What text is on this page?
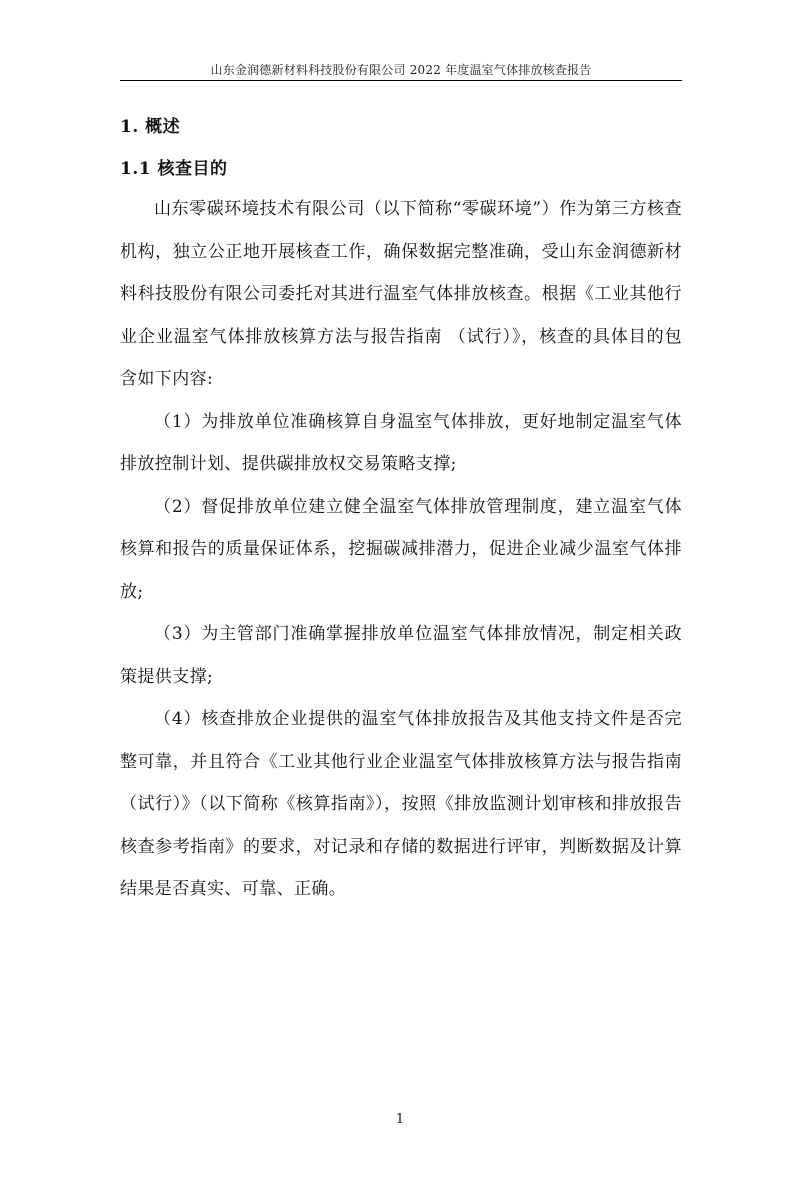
山东金润德新材料科技股份有限公司 2022 年度温室气体排放核查报告
1. 概述
1.1 核查目的

山东零碳环境技术有限公司（以下简称“零碳环境”）作为第三方核查机构，独立公正地开展核查工作，确保数据完整准确，受山东金润德新材料科技股份有限公司委托对其进行温室气体排放核查。根据《工业其他行业企业温室气体排放核算方法与报告指南 （试行）》，核查的具体目的包含如下内容:

（1）为排放单位准确核算自身温室气体排放，更好地制定温室气体排放控制计划、提供碳排放权交易策略支撑;

（2）督促排放单位建立健全温室气体排放管理制度，建立温室气体核算和报告的质量保证体系，挖掘碳减排潜力，促进企业减少温室气体排放;

（3）为主管部门准确掌握排放单位温室气体排放情况，制定相关政策提供支撑;

（4）核查排放企业提供的温室气体排放报告及其他支持文件是否完整可靠，并且符合《工业其他行业企业温室气体排放核算方法与报告指南 （试行）》（以下简称《核算指南》），按照《排放监测计划审核和排放报告核查参考指南》的要求，对记录和存储的数据进行评审，判断数据及计算结果是否真实、可靠、正确。

1
